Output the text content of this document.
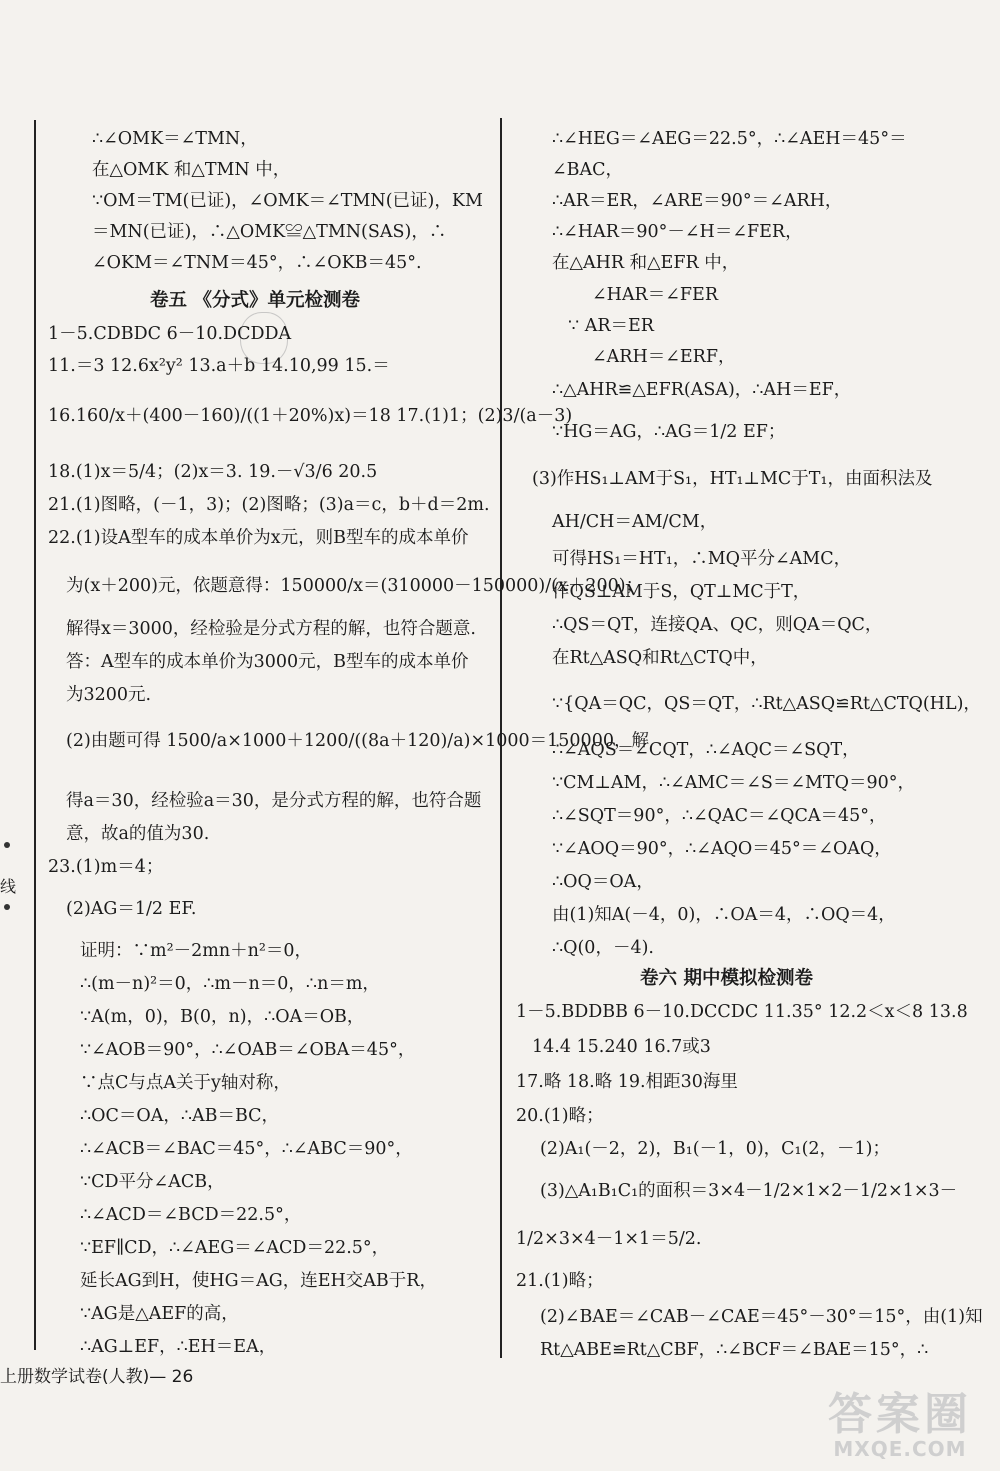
线
∴∠OMK＝∠TMN，
在△OMK 和△TMN 中，
∵OM＝TM(已证)，∠OMK＝∠TMN(已证)，KM
＝MN(已证)，∴△OMK≌△TMN(SAS)，∴
∠OKM＝∠TNM＝45°，∴∠OKB＝45°.
卷五 《分式》单元检测卷
1－5.CDBDC 6－10.DCDDA
11.＝3 12.6x²y² 13.a＋b 14.10,99 15.＝
16.160/x＋(400－160)/((1＋20%)x)＝18 17.(1)1；(2)3/(a－3)
18.(1)x＝5/4；(2)x＝3. 19.－√3/6 20.5
21.(1)图略，(－1，3)；(2)图略；(3)a＝c，b＋d＝2m.
22.(1)设A型车的成本单价为x元，则B型车的成本单价
为(x＋200)元，依题意得：150000/x＝(310000－150000)/(x＋200)；
解得x＝3000，经检验是分式方程的解，也符合题意.
答：A型车的成本单价为3000元，B型车的成本单价
为3200元.
(2)由题可得 1500/a×1000＋1200/((8a＋120)/a)×1000＝150000，解
得a＝30，经检验a＝30，是分式方程的解，也符合题
意，故a的值为30.
23.(1)m＝4；
(2)AG＝1/2 EF.
证明：∵m²－2mn＋n²＝0，
∴(m－n)²＝0，∴m－n＝0，∴n＝m，
∵A(m，0)，B(0，n)，∴OA＝OB，
∵∠AOB＝90°，∴∠OAB＝∠OBA＝45°，
∵点C与点A关于y轴对称，
∴OC＝OA，∴AB＝BC，
∴∠ACB＝∠BAC＝45°，∴∠ABC＝90°，
∵CD平分∠ACB，
∴∠ACD＝∠BCD＝22.5°，
∵EF∥CD，∴∠AEG＝∠ACD＝22.5°，
延长AG到H，使HG＝AG，连EH交AB于R，
∵AG是△AEF的高，
∴AG⊥EF，∴EH＝EA，
∴∠HEG＝∠AEG＝22.5°，∴∠AEH＝45°＝
∠BAC，
∴AR＝ER，∠ARE＝90°＝∠ARH，
∴∠HAR＝90°－∠H＝∠FER，
在△AHR 和△EFR 中，
∠HAR＝∠FER
∵ AR＝ER
∠ARH＝∠ERF，
∴△AHR≌△EFR(ASA)，∴AH＝EF，
∵HG＝AG，∴AG＝1/2 EF；
(3)作HS₁⊥AM于S₁，HT₁⊥MC于T₁，由面积法及
AH/CH＝AM/CM，
可得HS₁＝HT₁，∴MQ平分∠AMC，
作QS⊥AM于S，QT⊥MC于T，
∴QS＝QT，连接QA、QC，则QA＝QC，
在Rt△ASQ和Rt△CTQ中，
∵{QA＝QC，QS＝QT，∴Rt△ASQ≌Rt△CTQ(HL)，
∴∠AQS＝∠CQT，∴∠AQC＝∠SQT，
∵CM⊥AM，∴∠AMC＝∠S＝∠MTQ＝90°，
∴∠SQT＝90°，∴∠QAC＝∠QCA＝45°，
∵∠AOQ＝90°，∴∠AQO＝45°＝∠OAQ，
∴OQ＝OA，
由(1)知A(－4，0)，∴OA＝4，∴OQ＝4，
∴Q(0，－4).
卷六 期中模拟检测卷
1－5.BDDBB 6－10.DCCDC 11.35° 12.2＜x＜8 13.8
14.4 15.240 16.7或3
17.略 18.略 19.相距30海里
20.(1)略；
(2)A₁(－2，2)，B₁(－1，0)，C₁(2，－1)；
(3)△A₁B₁C₁的面积＝3×4－1/2×1×2－1/2×1×3－
1/2×3×4－1×1＝5/2.
21.(1)略；
(2)∠BAE＝∠CAB－∠CAE＝45°－30°＝15°，由(1)知
Rt△ABE≌Rt△CBF，∴∠BCF＝∠BAE＝15°，∴
上册数学试卷(人教)— 26
答案圈
MXQE.COM
